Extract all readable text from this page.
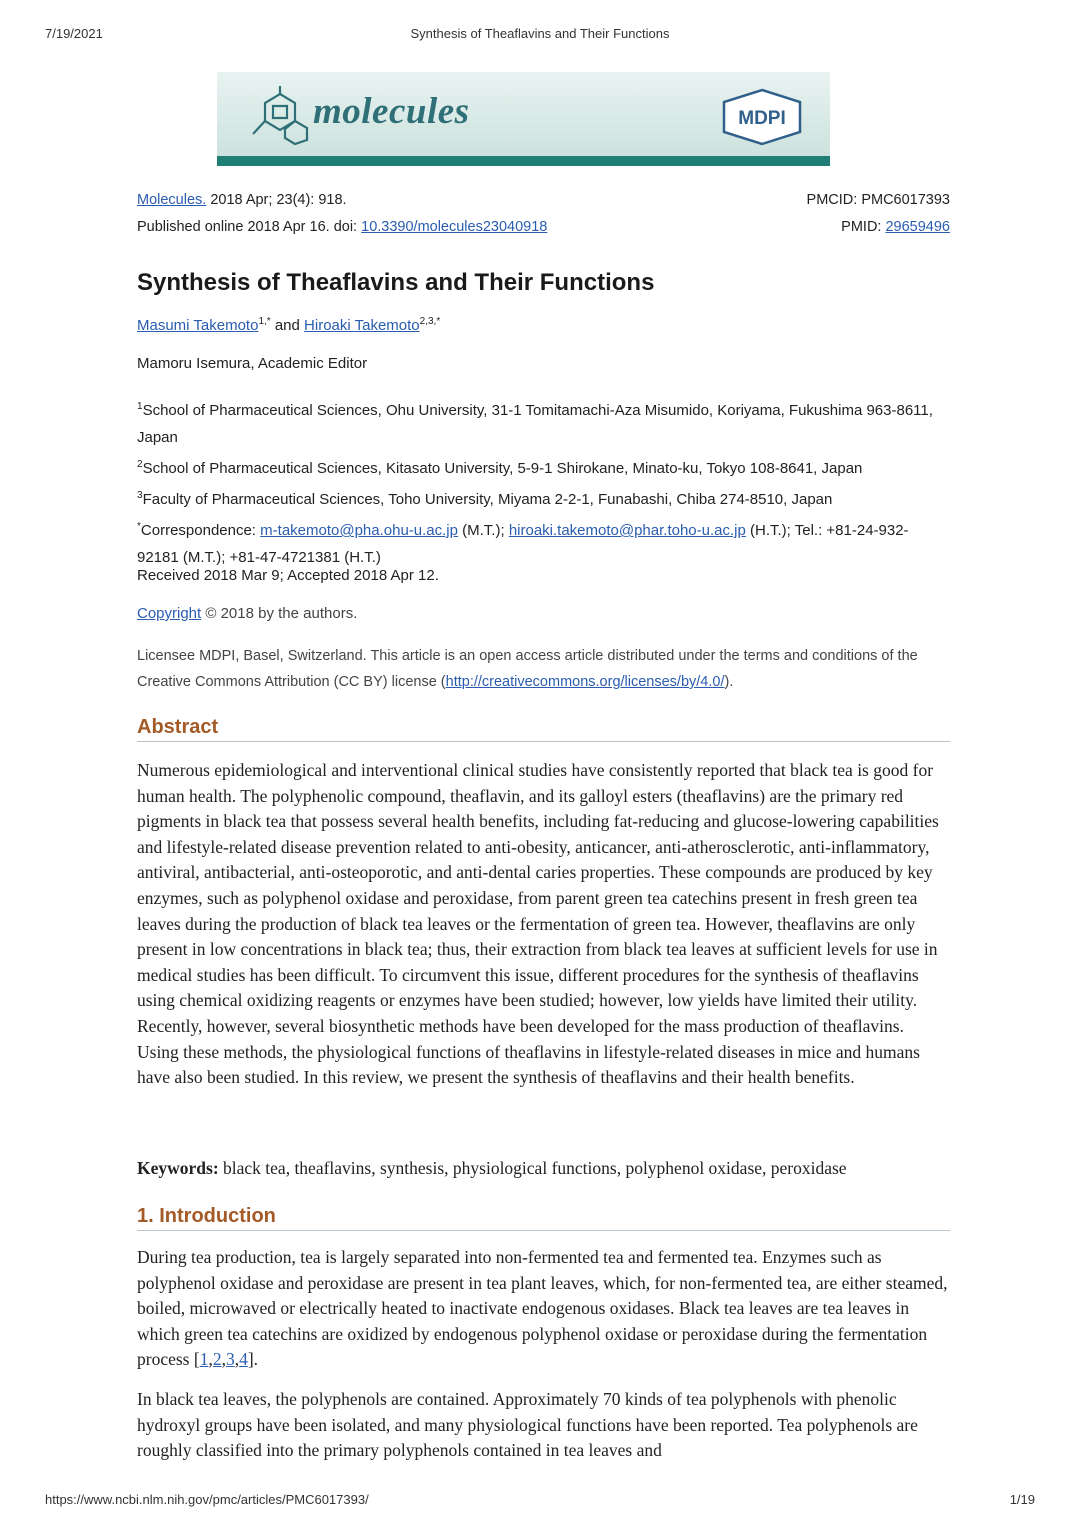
7/19/2021	Synthesis of Theaflavins and Their Functions
molecules	MDPI
Molecules. 2018 Apr; 23(4): 918.	PMCID: PMC6017393
Published online 2018 Apr 16. doi: 10.3390/molecules23040918	PMID: 29659496
Synthesis of Theaflavins and Their Functions
Masumi Takemoto$^{1,*}$ and Hiroaki Takemoto$^{2,3,*}$
Mamoru Isemura, Academic Editor
$^1$School of Pharmaceutical Sciences, Ohu University, 31-1 Tomitamachi-Aza Misumido, Koriyama, Fukushima 963-8611, Japan
$^2$School of Pharmaceutical Sciences, Kitasato University, 5-9-1 Shirokane, Minato-ku, Tokyo 108-8641, Japan
$^3$Faculty of Pharmaceutical Sciences, Toho University, Miyama 2-2-1, Funabashi, Chiba 274-8510, Japan
*Correspondence: m-takemoto@pha.ohu-u.ac.jp (M.T.); hiroaki.takemoto@phar.toho-u.ac.jp (H.T.); Tel.: +81-24-932-92181 (M.T.); +81-47-4721381 (H.T.)
Received 2018 Mar 9; Accepted 2018 Apr 12.
Copyright © 2018 by the authors.
Licensee MDPI, Basel, Switzerland. This article is an open access article distributed under the terms and conditions of the Creative Commons Attribution (CC BY) license (http://creativecommons.org/licenses/by/4.0/).
Abstract

Numerous epidemiological and interventional clinical studies have consistently reported that black tea is good for human health. The polyphenolic compound, theaflavin, and its galloyl esters (theaflavins) are the primary red pigments in black tea that possess several health benefits, including fat-reducing and glucose-lowering capabilities and lifestyle-related disease prevention related to anti-obesity, anticancer, anti-atherosclerotic, anti-inflammatory, antiviral, antibacterial, anti-osteoporotic, and anti-dental caries properties. These compounds are produced by key enzymes, such as polyphenol oxidase and peroxidase, from parent green tea catechins present in fresh green tea leaves during the production of black tea leaves or the fermentation of green tea. However, theaflavins are only present in low concentrations in black tea; thus, their extraction from black tea leaves at sufficient levels for use in medical studies has been difficult. To circumvent this issue, different procedures for the synthesis of theaflavins using chemical oxidizing reagents or enzymes have been studied; however, low yields have limited their utility. Recently, however, several biosynthetic methods have been developed for the mass production of theaflavins. Using these methods, the physiological functions of theaflavins in lifestyle-related diseases in mice and humans have also been studied. In this review, we present the synthesis of theaflavins and their health benefits.

Keywords: black tea, theaflavins, synthesis, physiological functions, polyphenol oxidase, peroxidase
1. Introduction

During tea production, tea is largely separated into non-fermented tea and fermented tea. Enzymes such as polyphenol oxidase and peroxidase are present in tea plant leaves, which, for non-fermented tea, are either steamed, boiled, microwaved or electrically heated to inactivate endogenous oxidases. Black tea leaves are tea leaves in which green tea catechins are oxidized by endogenous polyphenol oxidase or peroxidase during the fermentation process [1,2,3,4].

In black tea leaves, the polyphenols are contained. Approximately 70 kinds of tea polyphenols with phenolic hydroxyl groups have been isolated, and many physiological functions have been reported. Tea polyphenols are roughly classified into the primary polyphenols contained in tea leaves and

https://www.ncbi.nlm.nih.gov/pmc/articles/PMC6017393/	1/19
